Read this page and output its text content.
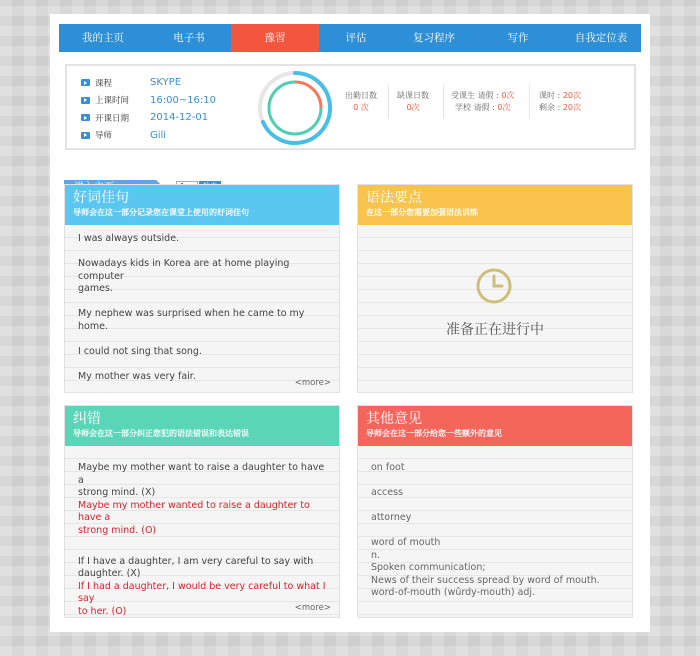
我的主页	电子书	豫習	评估	复习程序	写作	自我定位表
课程	SKYPE
上课时间	16:00~16:10
开课日期	2014-12-01
导师	Gili
出勤日数
0 次
缺课日数
0次
受课生 请假 : 0次
学校 请假 : 0次
课时 : 20次
剩余 : 20次
好词佳句
导师会在这一部分记录您在课堂上使用的好词佳句
I was always outside.
Nowadays kids in Korea are at home playing computer
games.
My nephew was surprised when he came to my home.
I could not sing that song.
My mother was very fair.
<more>
语法要点
在这一部分您需要加强语法训练
准备正在进行中
纠错
导师会在这一部分纠正您犯的语法错误和表达错误
Maybe my mother want to raise a daughter to have a
strong mind. (X)
Maybe my mother wanted to raise a daughter to have a
strong mind. (O)
If I have a daughter, I am very careful to say with
daughter. (X)
If I had a daughter, I would be very careful to what I say
to her. (O)	<more>
其他意见
导师会在这一部分给您一些额外的意见
on foot
access
attorney
word of mouth
n.
Spoken communication;
News of their success spread by word of mouth.
word-of-mouth (wûrdy-mouth) adj.
